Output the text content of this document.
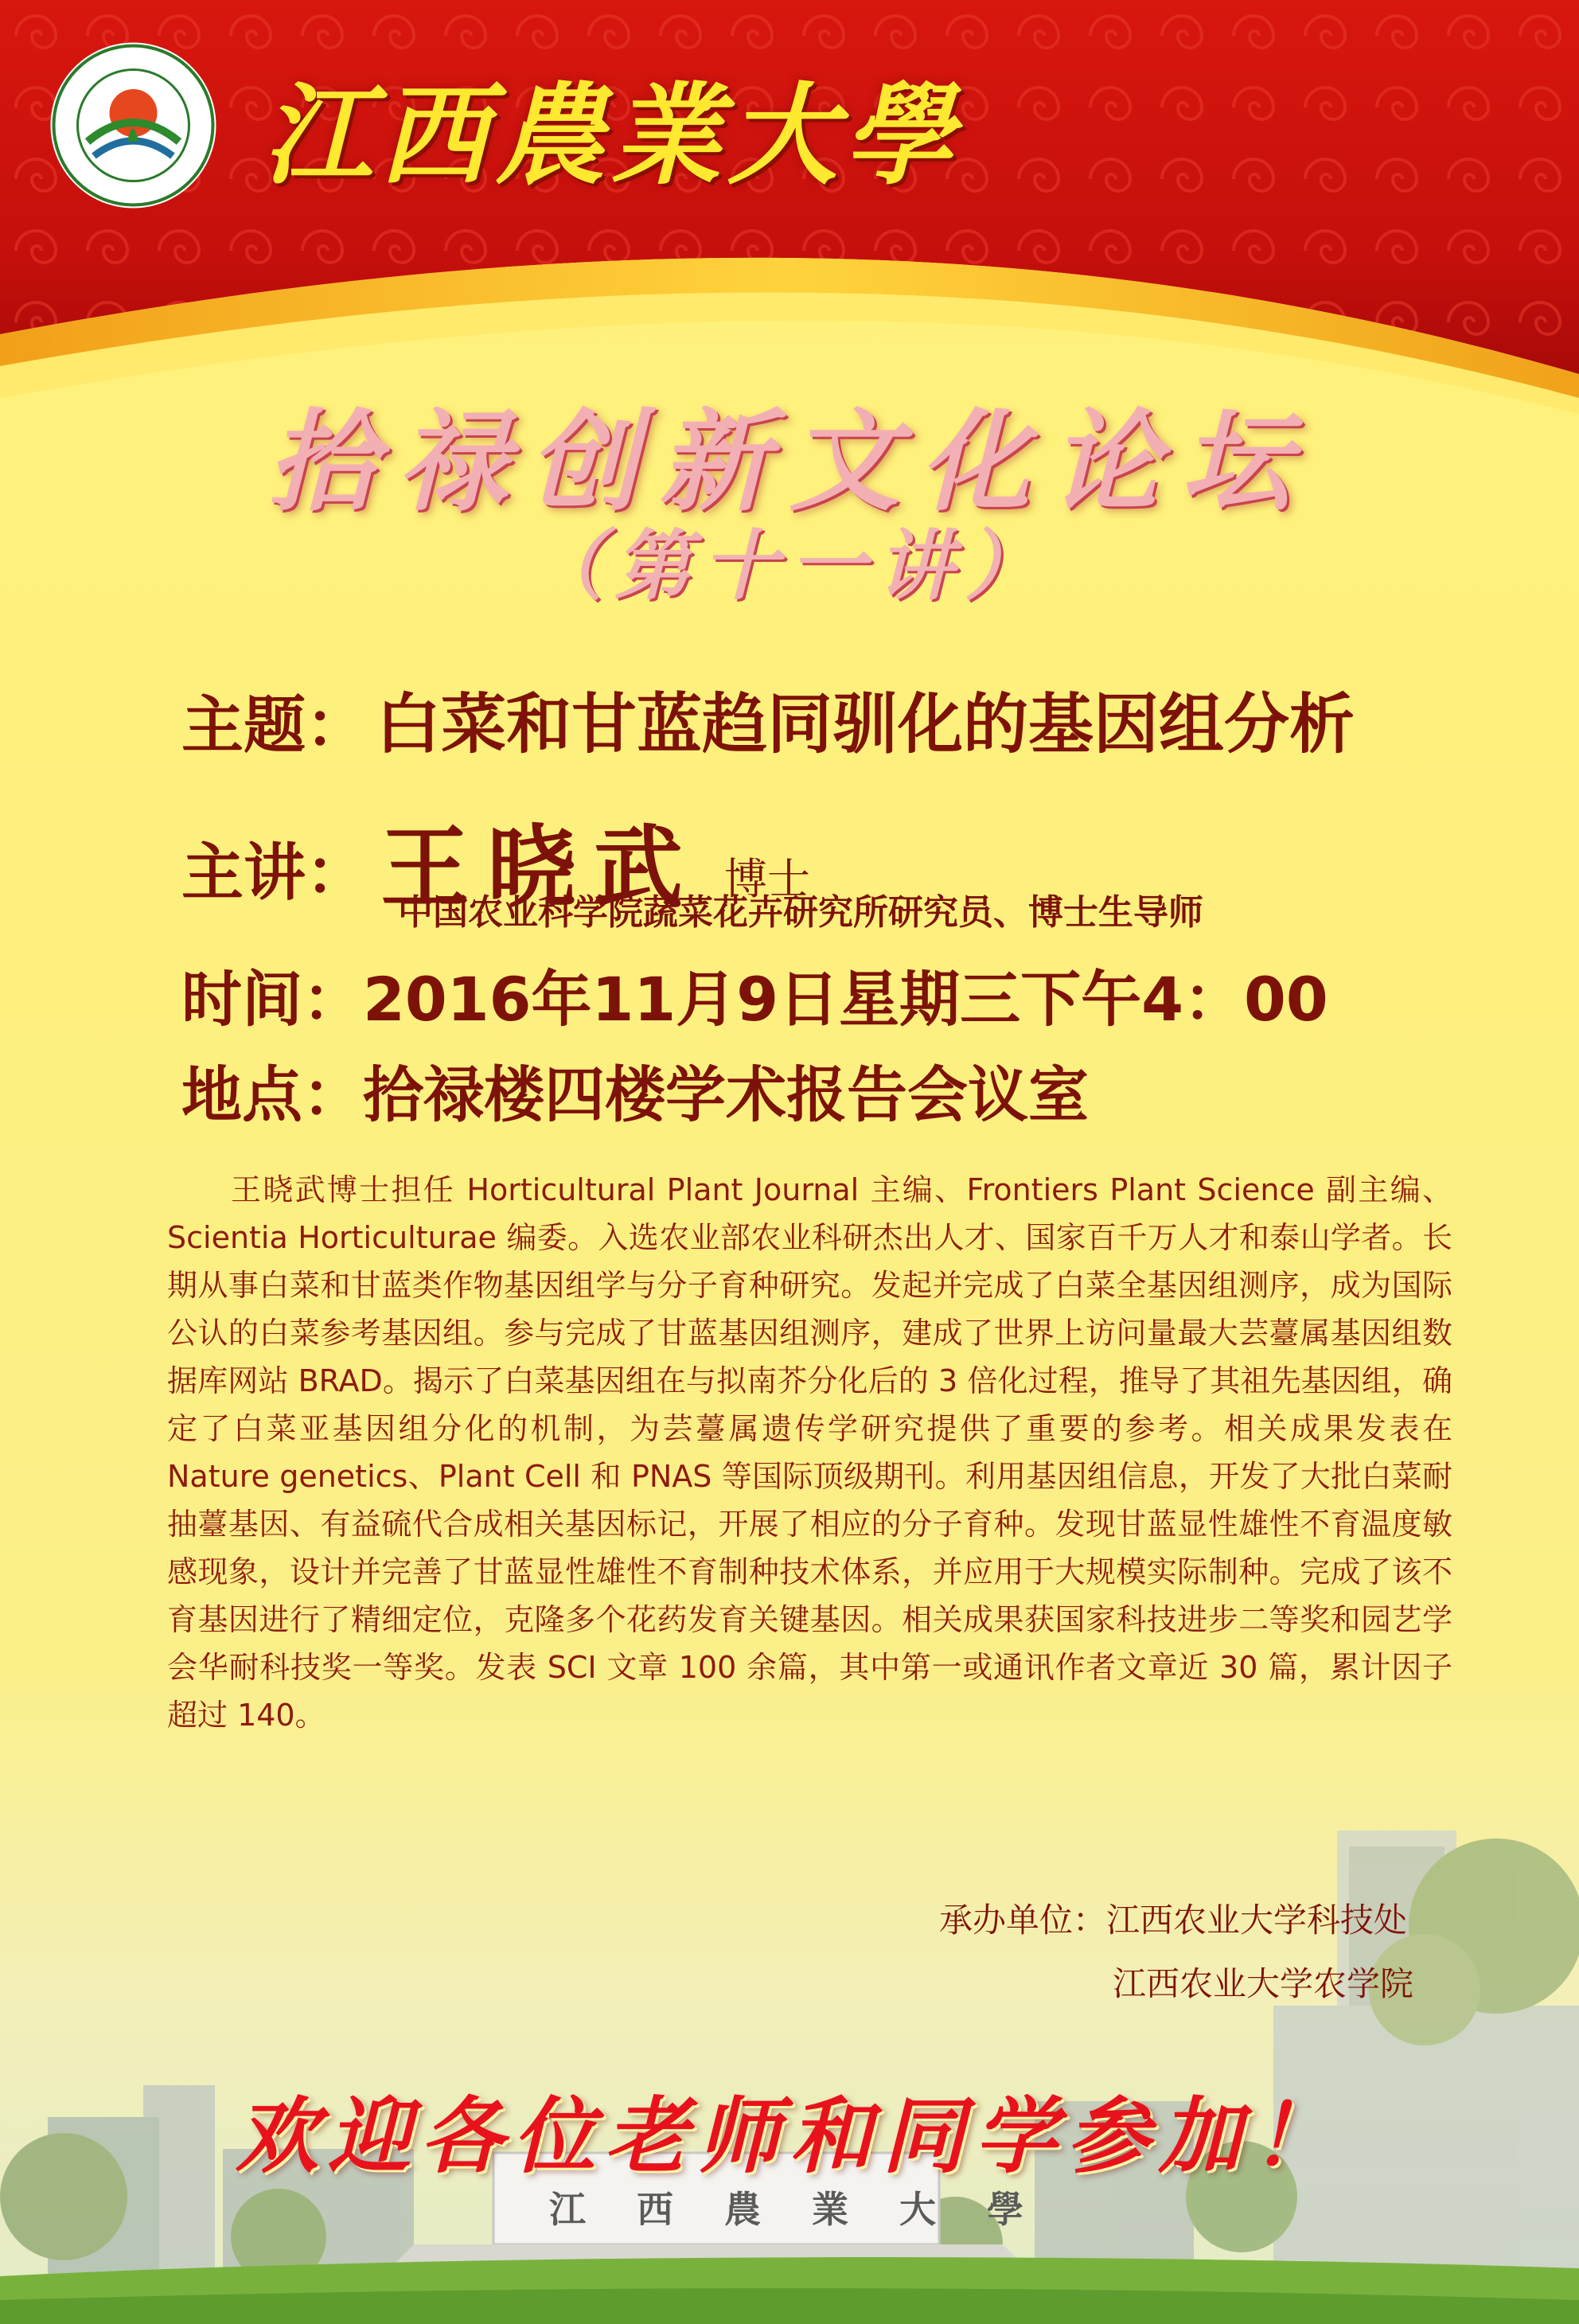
江西農業大學
拾禄创新文化论坛
（第十一讲）
主题： 白菜和甘蓝趋同驯化的基因组分析
主讲： 王晓武 博士
中国农业科学院蔬菜花卉研究所研究员、博士生导师
时间：2016年11月9日星期三下午4：00
地点：拾禄楼四楼学术报告会议室
王晓武博士担任 Horticultural Plant Journal 主编、Frontiers Plant Science 副主编、Scientia Horticulturae 编委。入选农业部农业科研杰出人才、国家百千万人才和泰山学者。长期从事白菜和甘蓝类作物基因组学与分子育种研究。发起并完成了白菜全基因组测序，成为国际公认的白菜参考基因组。参与完成了甘蓝基因组测序，建成了世界上访问量最大芸薹属基因组数据库网站 BRAD。揭示了白菜基因组在与拟南芥分化后的 3 倍化过程，推导了其祖先基因组，确定了白菜亚基因组分化的机制，为芸薹属遗传学研究提供了重要的参考。相关成果发表在 Nature genetics、Plant Cell 和 PNAS 等国际顶级期刊。利用基因组信息，开发了大批白菜耐抽薹基因、有益硫代合成相关基因标记，开展了相应的分子育种。发现甘蓝显性雄性不育温度敏感现象，设计并完善了甘蓝显性雄性不育制种技术体系，并应用于大规模实际制种。完成了该不育基因进行了精细定位，克隆多个花药发育关键基因。相关成果获国家科技进步二等奖和园艺学会华耐科技奖一等奖。发表 SCI 文章 100 余篇，其中第一或通讯作者文章近 30 篇，累计因子超过 140。
承办单位：江西农业大学科技处
江西农业大学农学院
欢迎各位老师和同学参加！
江西農業大學
